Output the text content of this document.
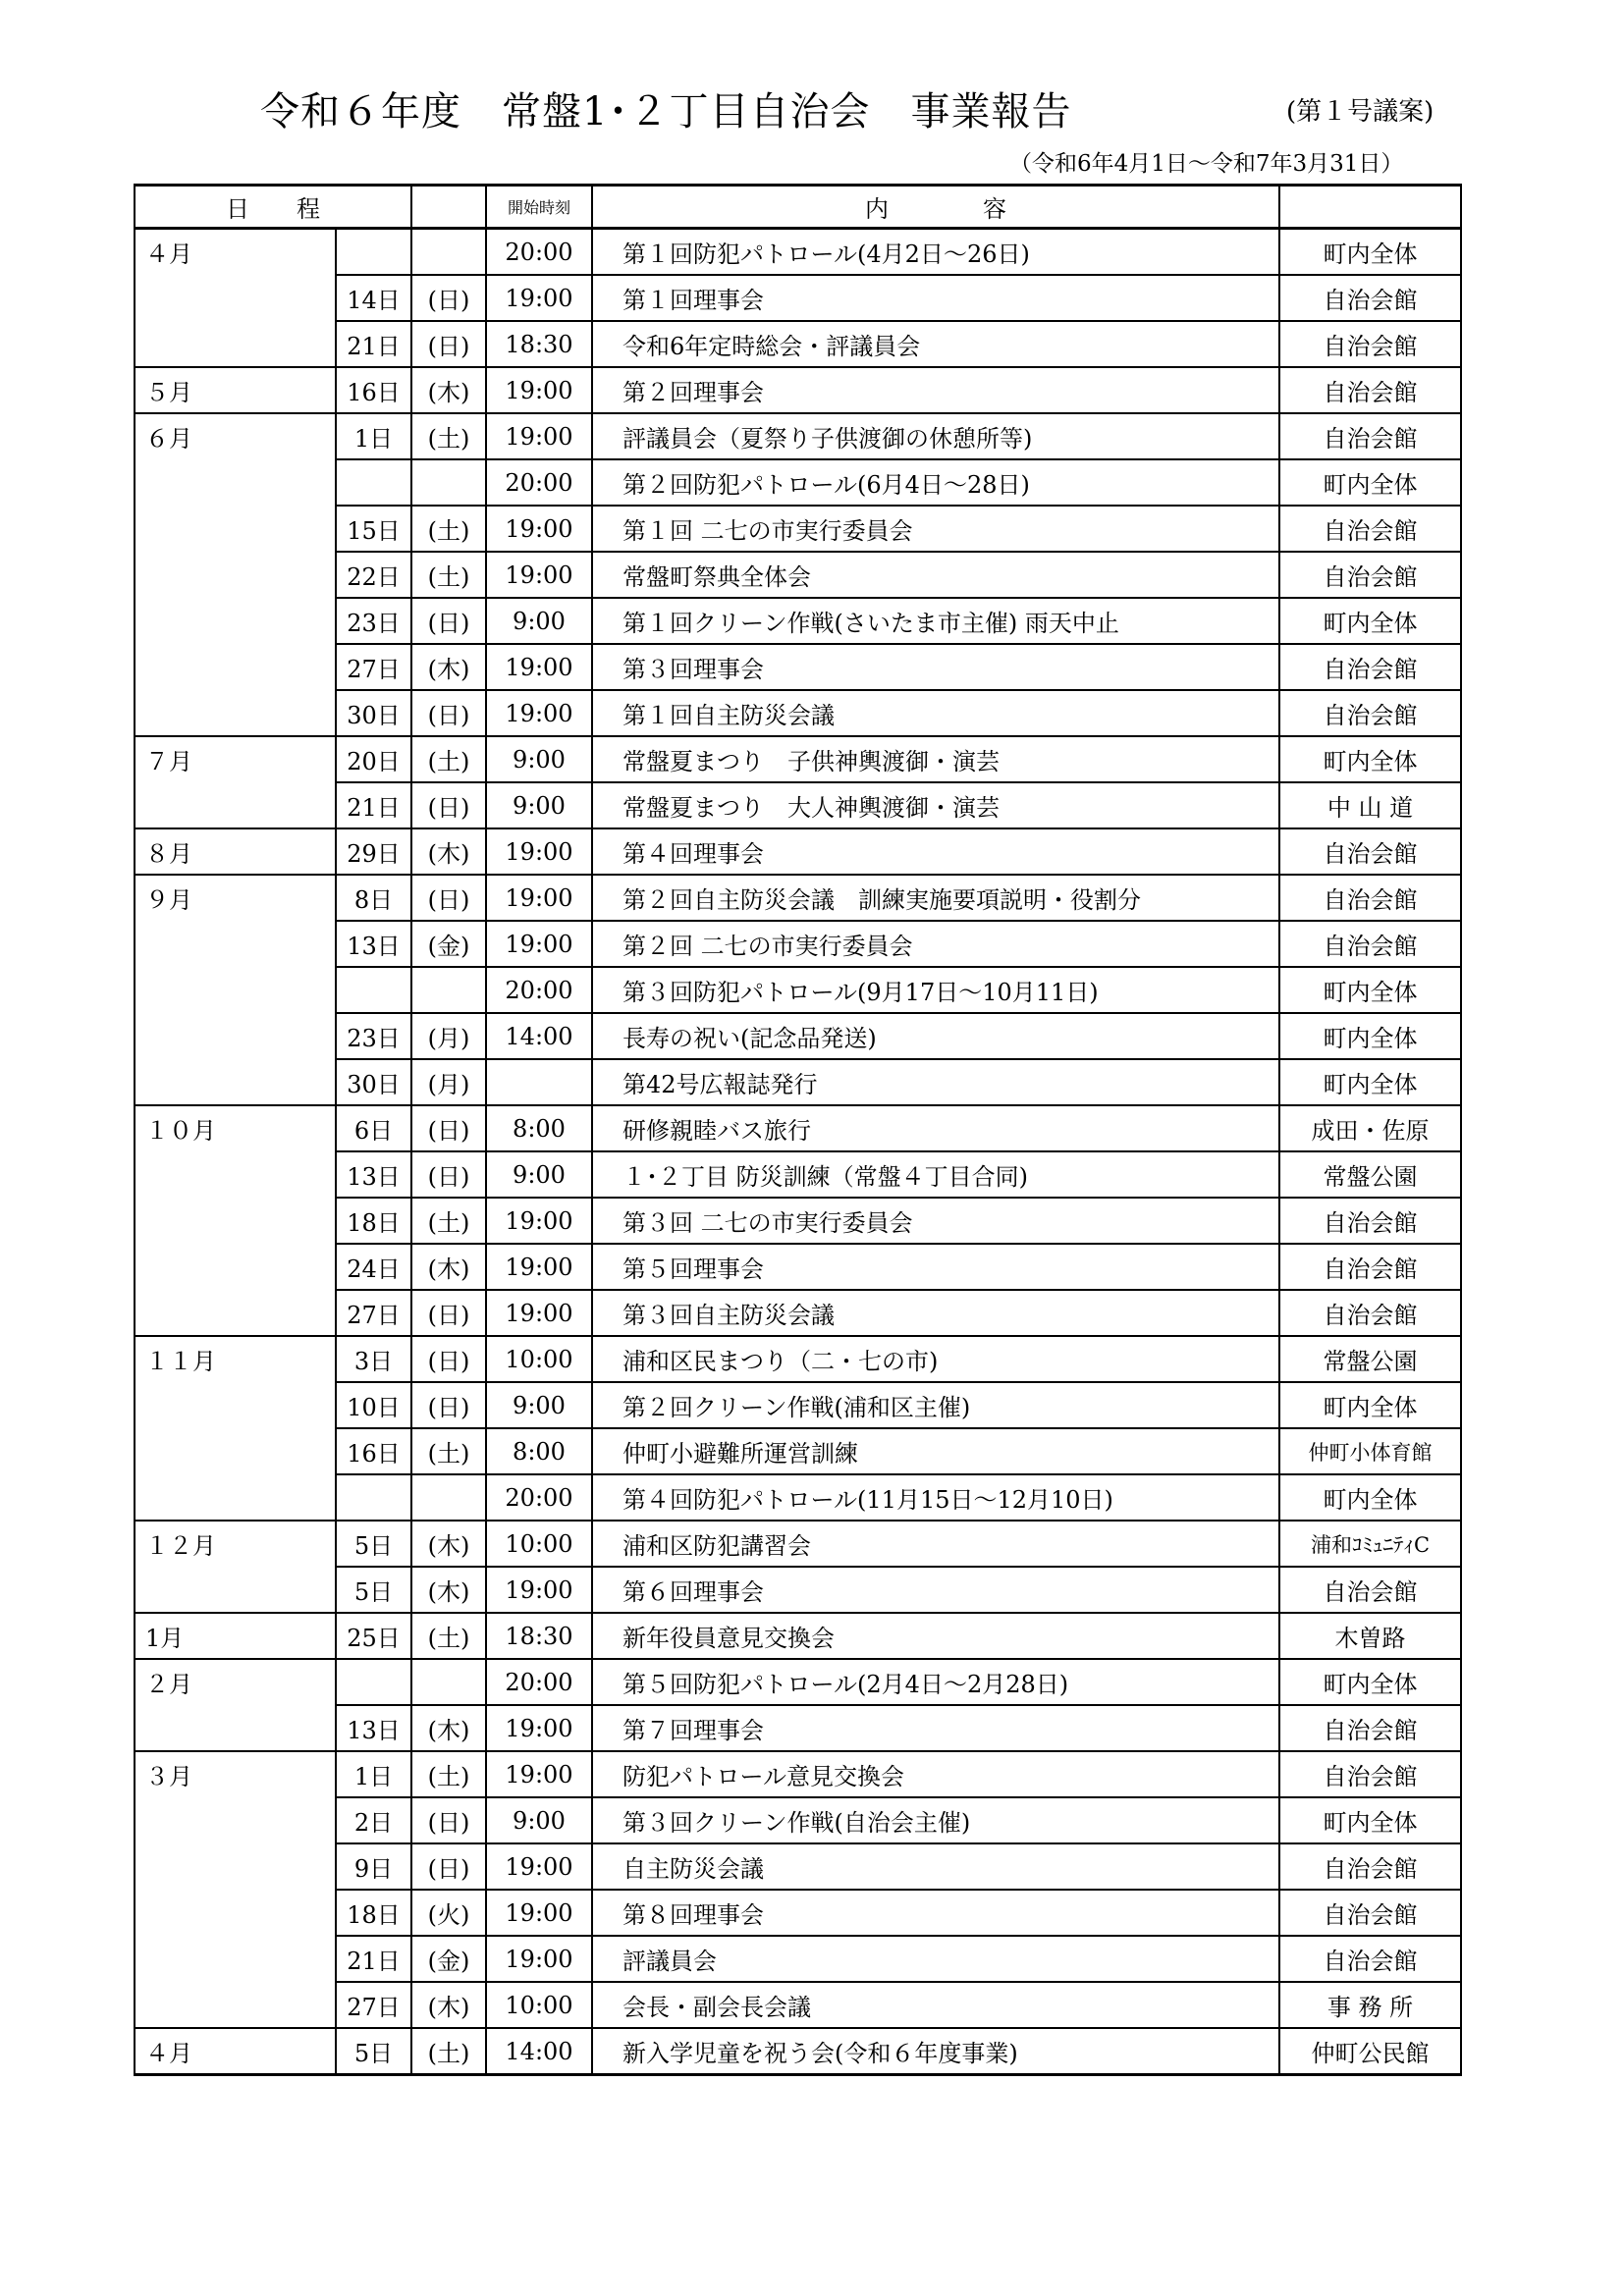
令和６年度　常盤1･２丁目自治会　事業報告	(第１号議案)
（令和6年4月1日～令和7年3月31日）
日　　程			開始時刻	内　　　　容	
４月			20:00	第１回防犯パトロール(4月2日～26日)	町内全体
	14日	(日)	19:00	第１回理事会	自治会館
	21日	(日)	18:30	令和6年定時総会・評議員会	自治会館
５月	16日	(木)	19:00	第２回理事会	自治会館
６月	1日	(土)	19:00	評議員会（夏祭り子供渡御の休憩所等)	自治会館
			20:00	第２回防犯パトロール(6月4日～28日)	町内全体
	15日	(土)	19:00	第１回 二七の市実行委員会	自治会館
	22日	(土)	19:00	常盤町祭典全体会	自治会館
	23日	(日)	9:00	第１回クリーン作戦(さいたま市主催) 雨天中止	町内全体
	27日	(木)	19:00	第３回理事会	自治会館
	30日	(日)	19:00	第１回自主防災会議	自治会館
７月	20日	(土)	9:00	常盤夏まつり　子供神輿渡御・演芸	町内全体
	21日	(日)	9:00	常盤夏まつり　大人神輿渡御・演芸	中 山 道
８月	29日	(木)	19:00	第４回理事会	自治会館
９月	8日	(日)	19:00	第２回自主防災会議　訓練実施要項説明・役割分	自治会館
	13日	(金)	19:00	第２回 二七の市実行委員会	自治会館
			20:00	第３回防犯パトロール(9月17日～10月11日)	町内全体
	23日	(月)	14:00	長寿の祝い(記念品発送)	町内全体
	30日	(月)		第42号広報誌発行	町内全体
１０月	6日	(日)	8:00	研修親睦バス旅行	成田・佐原
	13日	(日)	9:00	１･２丁目 防災訓練（常盤４丁目合同)	常盤公園
	18日	(土)	19:00	第３回 二七の市実行委員会	自治会館
	24日	(木)	19:00	第５回理事会	自治会館
	27日	(日)	19:00	第３回自主防災会議	自治会館
１１月	3日	(日)	10:00	浦和区民まつり（二・七の市)	常盤公園
	10日	(日)	9:00	第２回クリーン作戦(浦和区主催)	町内全体
	16日	(土)	8:00	仲町小避難所運営訓練	仲町小体育館
			20:00	第４回防犯パトロール(11月15日～12月10日)	町内全体
１２月	5日	(木)	10:00	浦和区防犯講習会	浦和ｺﾐｭﾆﾃｨC
	5日	(木)	19:00	第６回理事会	自治会館
1月	25日	(土)	18:30	新年役員意見交換会	木曽路
２月			20:00	第５回防犯パトロール(2月4日～2月28日)	町内全体
	13日	(木)	19:00	第７回理事会	自治会館
３月	1日	(土)	19:00	防犯パトロール意見交換会	自治会館
	2日	(日)	9:00	第３回クリーン作戦(自治会主催)	町内全体
	9日	(日)	19:00	自主防災会議	自治会館
	18日	(火)	19:00	第８回理事会	自治会館
	21日	(金)	19:00	評議員会	自治会館
	27日	(木)	10:00	会長・副会長会議	事 務 所
４月	5日	(土)	14:00	新入学児童を祝う会(令和６年度事業)	仲町公民館
